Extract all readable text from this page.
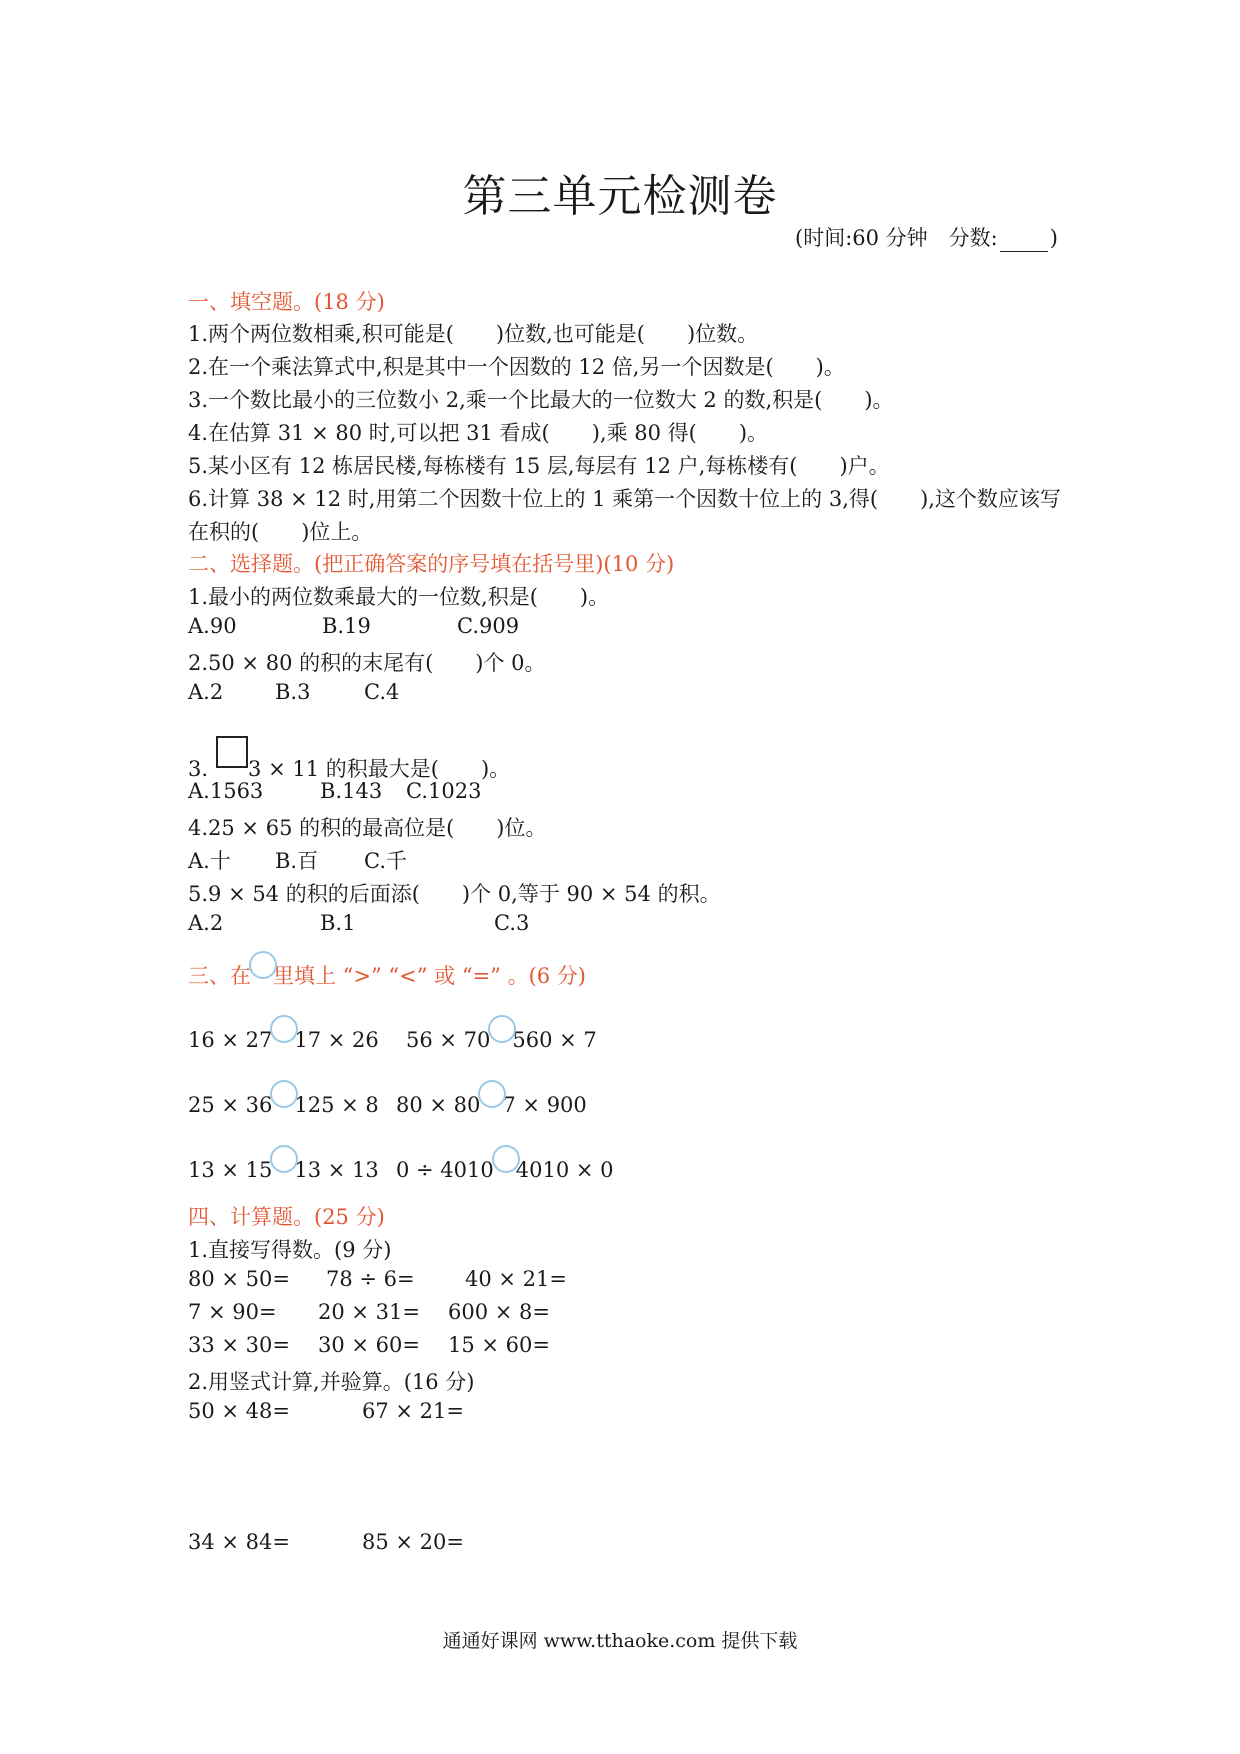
第三单元检测卷
(时间:60 分钟　分数: )
一、填空题。(18 分)
1.两个两位数相乘,积可能是(　　)位数,也可能是(　　)位数。
2.在一个乘法算式中,积是其中一个因数的 12 倍,另一个因数是(　　)。
3.一个数比最小的三位数小 2,乘一个比最大的一位数大 2 的数,积是(　　)。
4.在估算 31 × 80 时,可以把 31 看成(　　),乘 80 得(　　)。
5.某小区有 12 栋居民楼,每栋楼有 15 层,每层有 12 户,每栋楼有(　　)户。
6.计算 38 × 12 时,用第二个因数十位上的 1 乘第一个因数十位上的 3,得(　　),这个数应该写
在积的(　　)位上。
二、选择题。(把正确答案的序号填在括号里)(10 分)
1.最小的两位数乘最大的一位数,积是(　　)。
A.90	B.19	C.909
2.50 × 80 的积的末尾有(　　)个 0。
A.2 B.3	C.4
3. 3 × 11 的积最大是(　　)。
A.1563	B.143 C.1023
4.25 × 65 的积的最高位是(　　)位。
A.十 B.百 C.千
5.9 × 54 的积的后面添(　　)个 0,等于 90 × 54 的积。
A.2	B.1	C.3
三、在 里填上 “>” “<” 或 “=” 。(6 分)
16 × 27 17 × 26 56 × 70 560 × 7
25 × 36 125 × 8 80 × 80 7 × 900
13 × 15 13 × 13 0 ÷ 4010 4010 × 0
四、计算题。(25 分)
1.直接写得数。(9 分)
80 × 50= 78 ÷ 6= 40 × 21=
7 × 90= 20 × 31= 600 × 8=
33 × 30= 30 × 60= 15 × 60=
2.用竖式计算,并验算。(16 分)
50 × 48=	67 × 21=
34 × 84=	85 × 20=
通通好课网 www.tthaoke.com 提供下载
